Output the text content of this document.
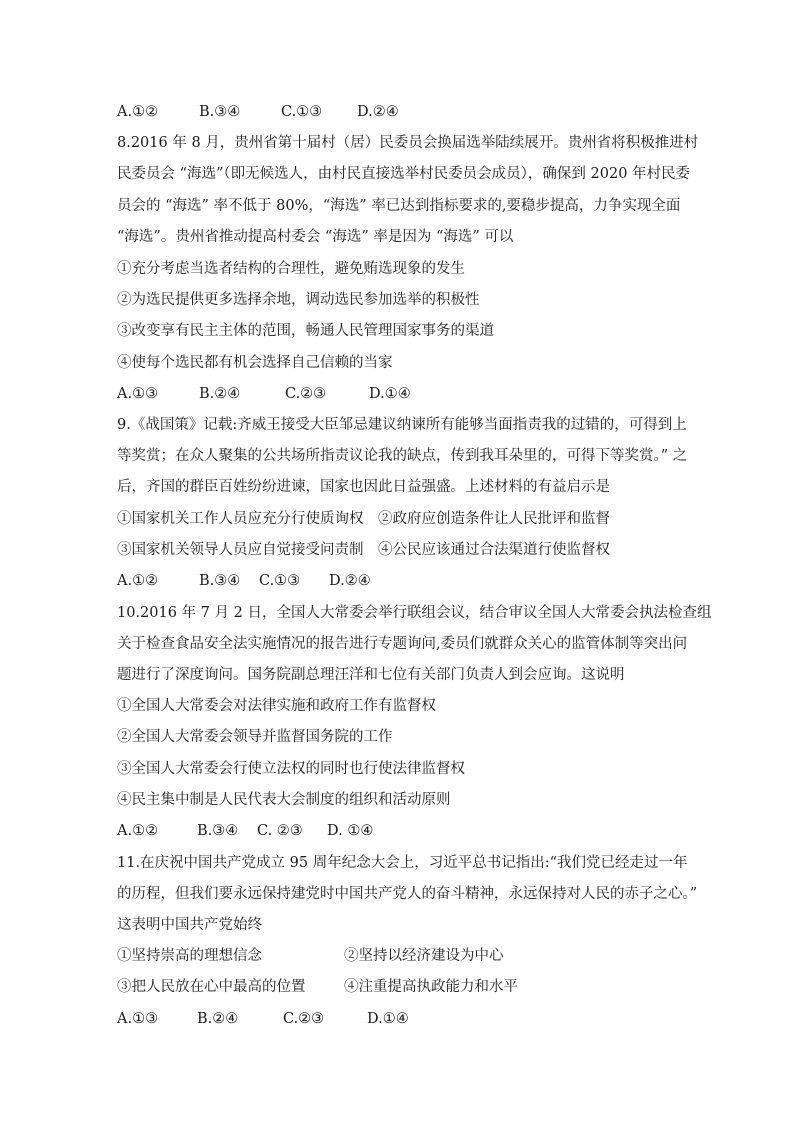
A.①②	B.③④	C.①③ D.②④
8.2016 年 8 月，贵州省第十届村（居）民委员会换届选举陆续展开。贵州省将积极推进村
民委员会 “海选”（即无候选人，由村民直接选举村民委员会成员），确保到 2020 年村民委
员会的 “海选” 率不低于 80%，“海选” 率已达到指标要求的,要稳步提高，力争实现全面
“海选”。贵州省推动提高村委会 “海选” 率是因为 “海选” 可以
①充分考虑当选者结构的合理性，避免贿选现象的发生
②为选民提供更多选择余地，调动选民参加选举的积极性
③改变享有民主主体的范围，畅通人民管理国家事务的渠道
④使每个选民都有机会选择自己信赖的当家
A.①③	B.②④	C.②③	D.①④
9.《战国策》记载:齐威王接受大臣邹忌建议纳谏所有能够当面指责我的过错的，可得到上
等奖赏；在众人聚集的公共场所指责议论我的缺点，传到我耳朵里的，可得下等奖赏。” 之
后，齐国的群臣百姓纷纷进谏，国家也因此日益强盛。上述材料的有益启示是
①国家机关工作人员应充分行使质询权　②政府应创造条件让人民批评和监督
③国家机关领导人员应自觉接受问责制　④公民应该通过合法渠道行使监督权
A.①②	B.③④ C.①③ D.②④
10.2016 年 7 月 2 日，全国人大常委会举行联组会议，结合审议全国人大常委会执法检查组
关于检查食品安全法实施情况的报告进行专题询问,委员们就群众关心的监管体制等突出问
题进行了深度询问。国务院副总理汪洋和七位有关部门负责人到会应询。这说明
①全国人大常委会对法律实施和政府工作有监督权
②全国人大常委会领导并监督国务院的工作
③全国人大常委会行使立法权的同时也行使法律监督权
④民主集中制是人民代表大会制度的组织和活动原则
A.①②	B.③④ C. ②③ D. ①④
11.在庆祝中国共产党成立 95 周年纪念大会上，习近平总书记指出:“我们党已经走过一年
的历程，但我们要永远保持建党时中国共产党人的奋斗精神，永远保持对人民的赤子之心。”
这表明中国共产党始终
①坚持崇高的理想信念	②坚持以经济建设为中心
③把人民放在心中最高的位置	④注重提高执政能力和水平
A.①③	B.②④	C.②③	D.①④
